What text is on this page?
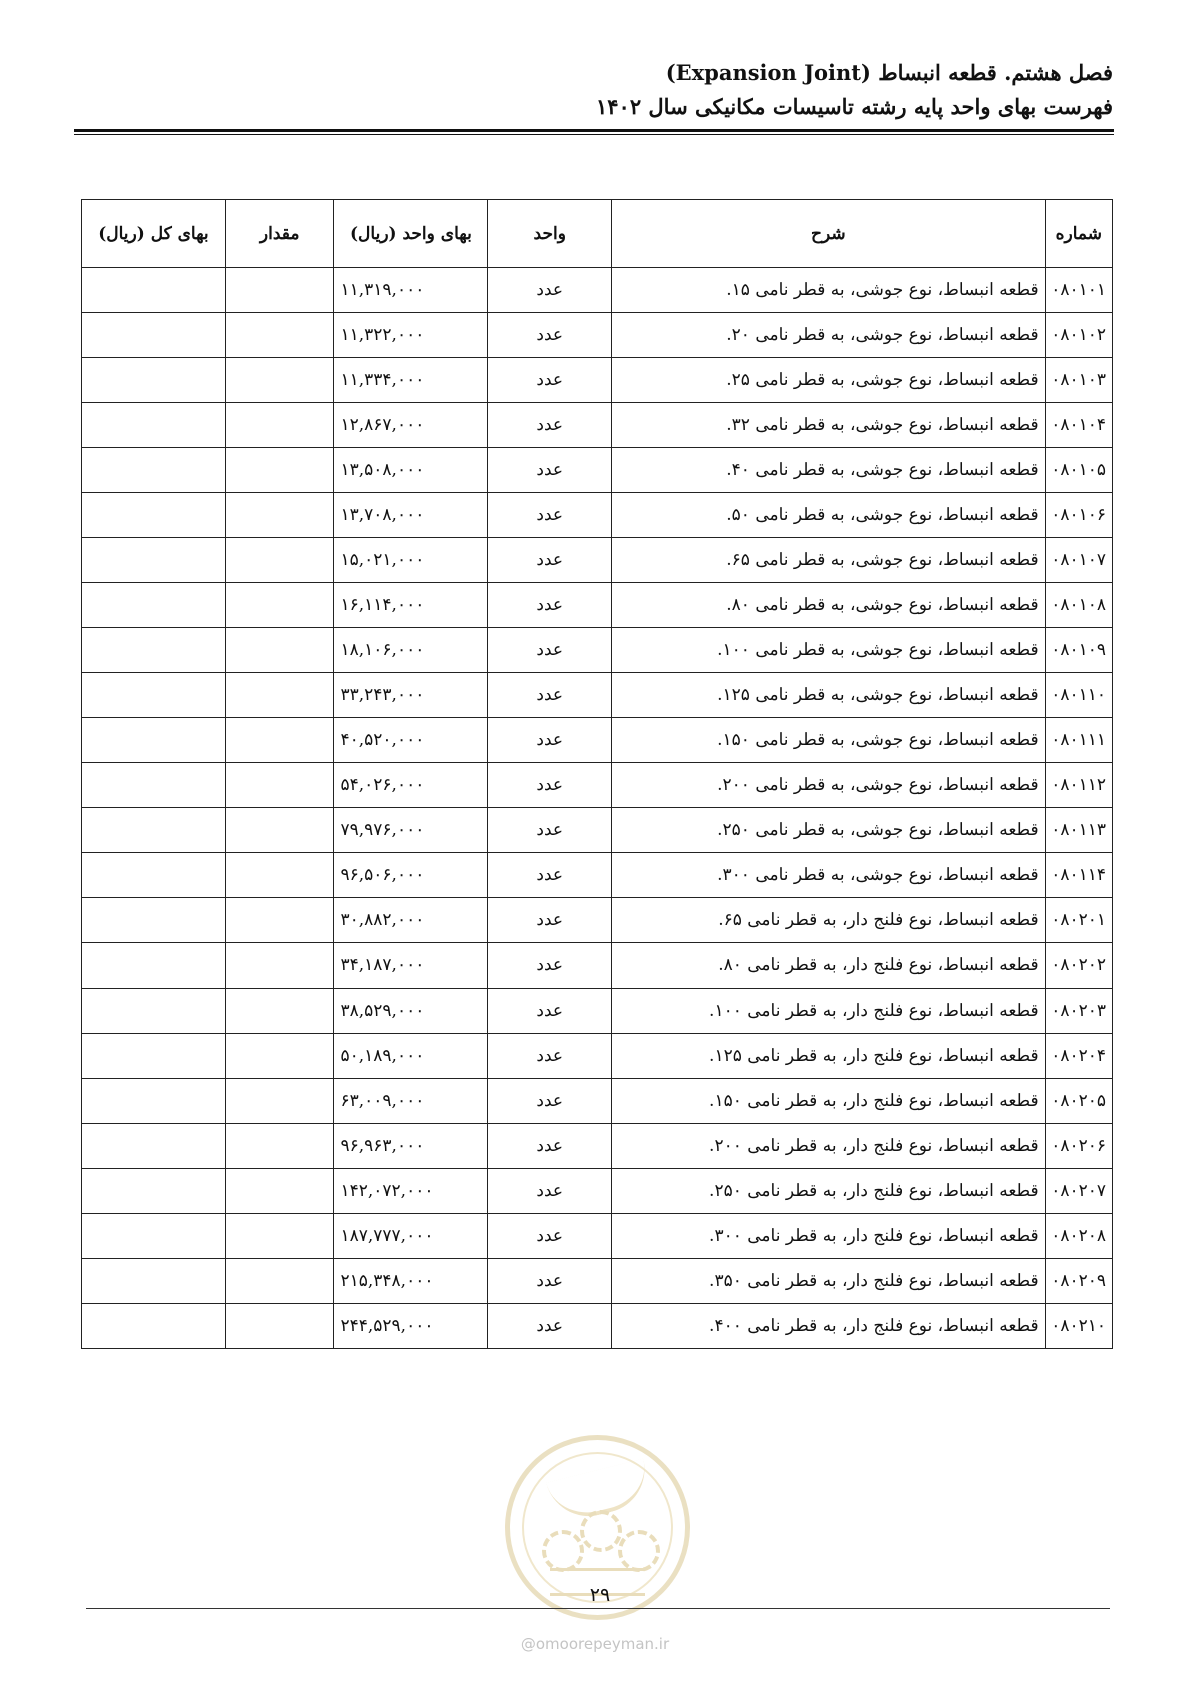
فصل هشتم. قطعه انبساط (Expansion Joint)
فهرست بهای واحد پایه رشته تاسیسات مکانیکی سال ۱۴۰۲
شماره	شرح	واحد	بهای واحد (ریال)	مقدار	بهای کل (ریال)
۰۸۰۱۰۱	قطعه انبساط، نوع جوشی، به قطر نامی ۱۵.	عدد	۱۱,۳۱۹,۰۰۰		
۰۸۰۱۰۲	قطعه انبساط، نوع جوشی، به قطر نامی ۲۰.	عدد	۱۱,۳۲۲,۰۰۰		
۰۸۰۱۰۳	قطعه انبساط، نوع جوشی، به قطر نامی ۲۵.	عدد	۱۱,۳۳۴,۰۰۰		
۰۸۰۱۰۴	قطعه انبساط، نوع جوشی، به قطر نامی ۳۲.	عدد	۱۲,۸۶۷,۰۰۰		
۰۸۰۱۰۵	قطعه انبساط، نوع جوشی، به قطر نامی ۴۰.	عدد	۱۳,۵۰۸,۰۰۰		
۰۸۰۱۰۶	قطعه انبساط، نوع جوشی، به قطر نامی ۵۰.	عدد	۱۳,۷۰۸,۰۰۰		
۰۸۰۱۰۷	قطعه انبساط، نوع جوشی، به قطر نامی ۶۵.	عدد	۱۵,۰۲۱,۰۰۰		
۰۸۰۱۰۸	قطعه انبساط، نوع جوشی، به قطر نامی ۸۰.	عدد	۱۶,۱۱۴,۰۰۰		
۰۸۰۱۰۹	قطعه انبساط، نوع جوشی، به قطر نامی ۱۰۰.	عدد	۱۸,۱۰۶,۰۰۰		
۰۸۰۱۱۰	قطعه انبساط، نوع جوشی، به قطر نامی ۱۲۵.	عدد	۳۳,۲۴۳,۰۰۰		
۰۸۰۱۱۱	قطعه انبساط، نوع جوشی، به قطر نامی ۱۵۰.	عدد	۴۰,۵۲۰,۰۰۰		
۰۸۰۱۱۲	قطعه انبساط، نوع جوشی، به قطر نامی ۲۰۰.	عدد	۵۴,۰۲۶,۰۰۰		
۰۸۰۱۱۳	قطعه انبساط، نوع جوشی، به قطر نامی ۲۵۰.	عدد	۷۹,۹۷۶,۰۰۰		
۰۸۰۱۱۴	قطعه انبساط، نوع جوشی، به قطر نامی ۳۰۰.	عدد	۹۶,۵۰۶,۰۰۰		
۰۸۰۲۰۱	قطعه انبساط، نوع فلنج دار، به قطر نامی ۶۵.	عدد	۳۰,۸۸۲,۰۰۰		
۰۸۰۲۰۲	قطعه انبساط، نوع فلنج دار، به قطر نامی ۸۰.	عدد	۳۴,۱۸۷,۰۰۰		
۰۸۰۲۰۳	قطعه انبساط، نوع فلنج دار، به قطر نامی ۱۰۰.	عدد	۳۸,۵۲۹,۰۰۰		
۰۸۰۲۰۴	قطعه انبساط، نوع فلنج دار، به قطر نامی ۱۲۵.	عدد	۵۰,۱۸۹,۰۰۰		
۰۸۰۲۰۵	قطعه انبساط، نوع فلنج دار، به قطر نامی ۱۵۰.	عدد	۶۳,۰۰۹,۰۰۰		
۰۸۰۲۰۶	قطعه انبساط، نوع فلنج دار، به قطر نامی ۲۰۰.	عدد	۹۶,۹۶۳,۰۰۰		
۰۸۰۲۰۷	قطعه انبساط، نوع فلنج دار، به قطر نامی ۲۵۰.	عدد	۱۴۲,۰۷۲,۰۰۰		
۰۸۰۲۰۸	قطعه انبساط، نوع فلنج دار، به قطر نامی ۳۰۰.	عدد	۱۸۷,۷۷۷,۰۰۰		
۰۸۰۲۰۹	قطعه انبساط، نوع فلنج دار، به قطر نامی ۳۵۰.	عدد	۲۱۵,۳۴۸,۰۰۰		
۰۸۰۲۱۰	قطعه انبساط، نوع فلنج دار، به قطر نامی ۴۰۰.	عدد	۲۴۴,۵۲۹,۰۰۰		
۲۹
@omoorepeyman.ir
